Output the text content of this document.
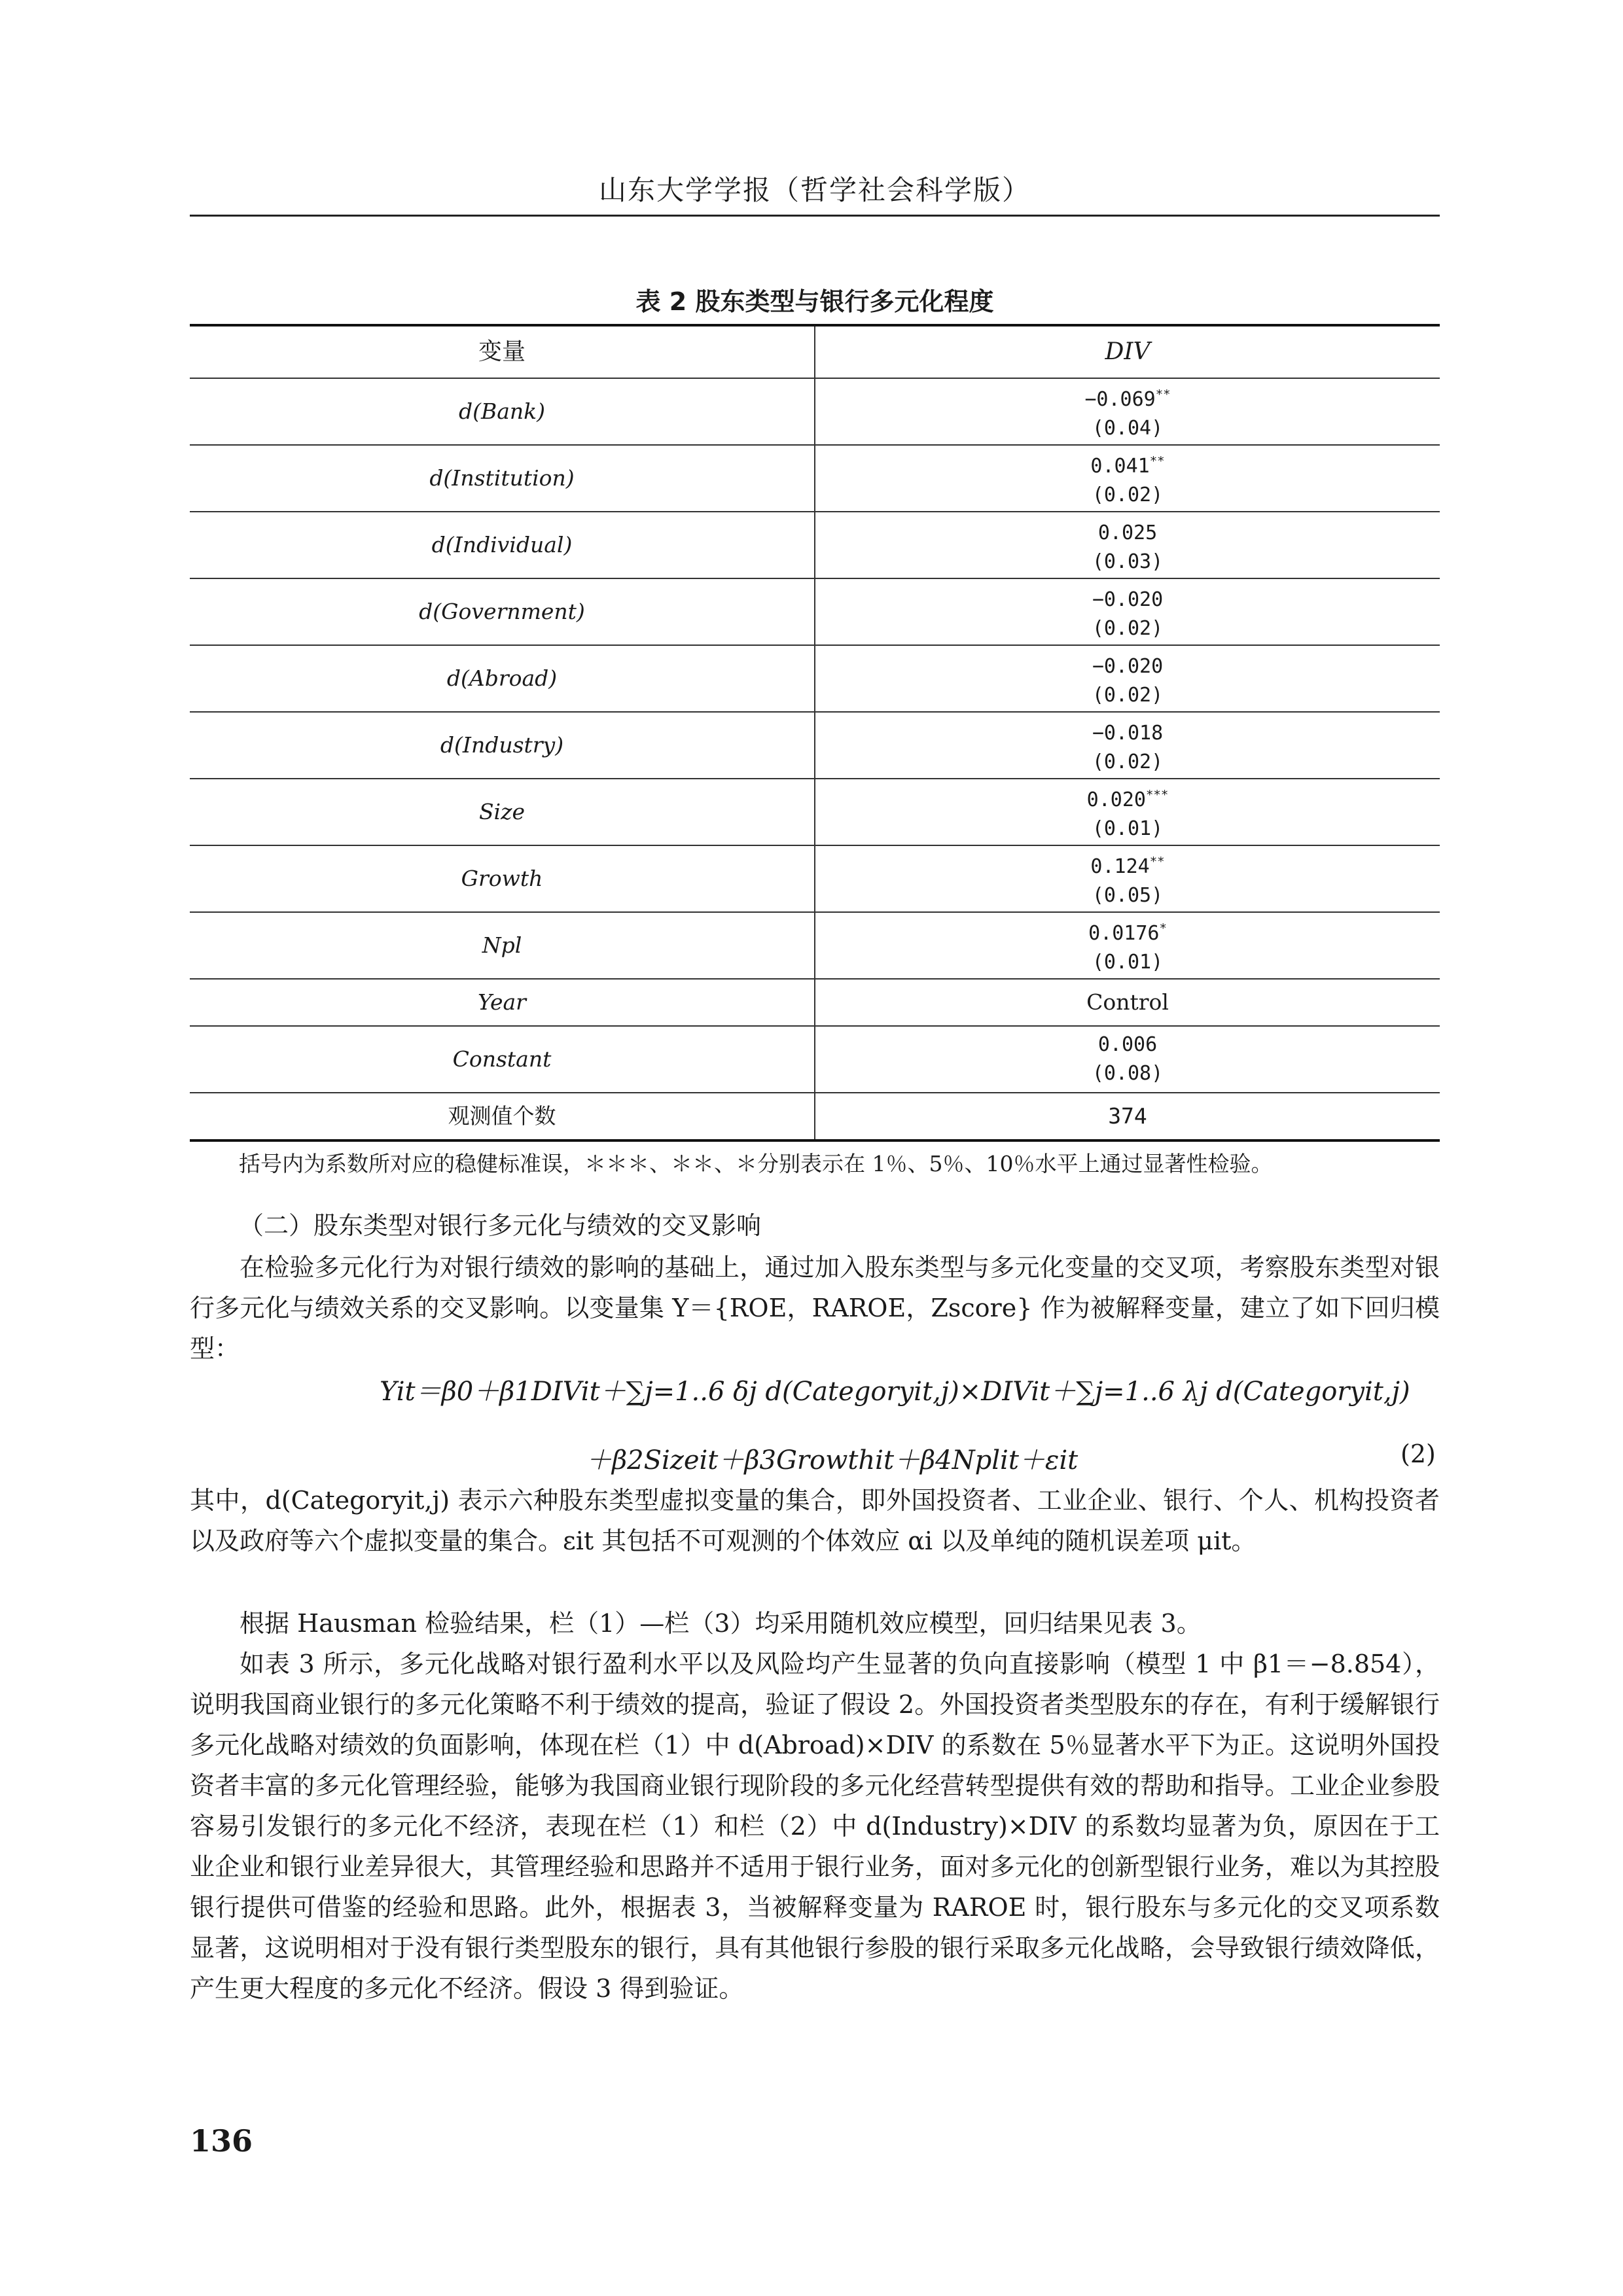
山东大学学报（哲学社会科学版）
表 2 股东类型与银行多元化程度
变量	DIV
d(Bank)	−0.069**
(0.04)

d(Institution)	0.041**
(0.02)

d(Individual)	0.025
(0.03)

d(Government)	−0.020
(0.02)

d(Abroad)	−0.020
(0.02)

d(Industry)	−0.018
(0.02)

Size	0.020***
(0.01)

Growth	0.124**
(0.05)

Npl	0.0176*
(0.01)

Year	Control
Constant	0.006
(0.08)

观测值个数	374
括号内为系数所对应的稳健标准误，＊＊＊、＊＊、＊分别表示在 1％、5％、10％水平上通过显著性检验。
（二）股东类型对银行多元化与绩效的交叉影响
在检验多元化行为对银行绩效的影响的基础上，通过加入股东类型与多元化变量的交叉项，考察股东类型对银行多元化与绩效关系的交叉影响。以变量集 Y＝{ROE，RAROE，Zscore} 作为被解释变量，建立了如下回归模型：
Yit＝β0＋β1DIVit＋∑j=1..6 δj d(Categoryit,j)×DIVit＋∑j=1..6 λj d(Categoryit,j)
＋β2Sizeit＋β3Growthit＋β4Nplit＋εit	(2)
其中，d(Categoryit,j) 表示六种股东类型虚拟变量的集合，即外国投资者、工业企业、银行、个人、机构投资者以及政府等六个虚拟变量的集合。εit 其包括不可观测的个体效应 αi 以及单纯的随机误差项 μit。
根据 Hausman 检验结果，栏（1）—栏（3）均采用随机效应模型，回归结果见表 3。
如表 3 所示，多元化战略对银行盈利水平以及风险均产生显著的负向直接影响（模型 1 中 β1＝−8.854），说明我国商业银行的多元化策略不利于绩效的提高，验证了假设 2。外国投资者类型股东的存在，有利于缓解银行多元化战略对绩效的负面影响，体现在栏（1）中 d(Abroad)×DIV 的系数在 5％显著水平下为正。这说明外国投资者丰富的多元化管理经验，能够为我国商业银行现阶段的多元化经营转型提供有效的帮助和指导。工业企业参股容易引发银行的多元化不经济，表现在栏（1）和栏（2）中 d(Industry)×DIV 的系数均显著为负，原因在于工业企业和银行业差异很大，其管理经验和思路并不适用于银行业务，面对多元化的创新型银行业务，难以为其控股银行提供可借鉴的经验和思路。此外，根据表 3，当被解释变量为 RAROE 时，银行股东与多元化的交叉项系数显著，这说明相对于没有银行类型股东的银行，具有其他银行参股的银行采取多元化战略，会导致银行绩效降低，产生更大程度的多元化不经济。假设 3 得到验证。
136
